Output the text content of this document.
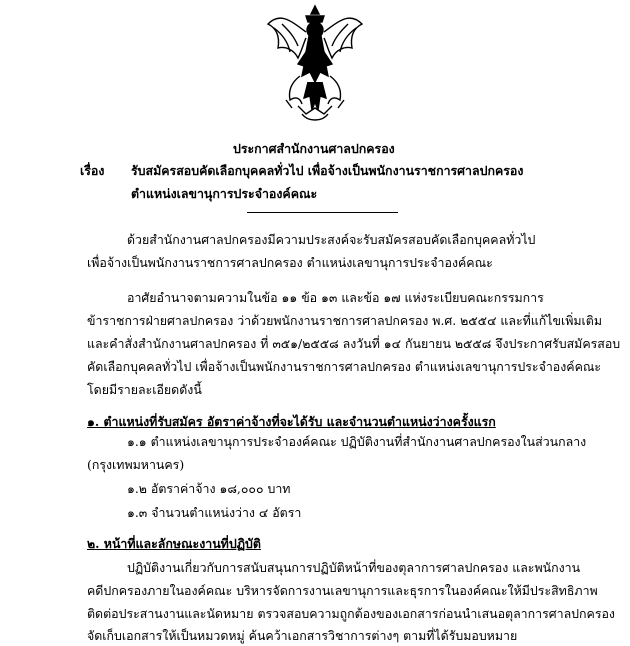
ประกาศสำนักงานศาลปกครอง
เรื่อง รับสมัครสอบคัดเลือกบุคคลทั่วไป เพื่อจ้างเป็นพนักงานราชการศาลปกครอง
ตำแหน่งเลขานุการประจำองค์คณะ
ด้วยสำนักงานศาลปกครองมีความประสงค์จะรับสมัครสอบคัดเลือกบุคคลทั่วไป
เพื่อจ้างเป็นพนักงานราชการศาลปกครอง ตำแหน่งเลขานุการประจำองค์คณะ
อาศัยอำนาจตามความในข้อ ๑๑ ข้อ ๑๓ และข้อ ๑๗ แห่งระเบียบคณะกรรมการ
ข้าราชการฝ่ายศาลปกครอง ว่าด้วยพนักงานราชการศาลปกครอง พ.ศ. ๒๕๕๔ และที่แก้ไขเพิ่มเติม
และคำสั่งสำนักงานศาลปกครอง ที่ ๓๕๑/๒๕๕๘ ลงวันที่ ๑๔ กันยายน ๒๕๕๘ จึงประกาศรับสมัครสอบ
คัดเลือกบุคคลทั่วไป เพื่อจ้างเป็นพนักงานราชการศาลปกครอง ตำแหน่งเลขานุการประจำองค์คณะ
โดยมีรายละเอียดดังนี้
๑. ตำแหน่งที่รับสมัคร อัตราค่าจ้างที่จะได้รับ และจำนวนตำแหน่งว่างครั้งแรก
๑.๑ ตำแหน่งเลขานุการประจำองค์คณะ ปฏิบัติงานที่สำนักงานศาลปกครองในส่วนกลาง
(กรุงเทพมหานคร)
๑.๒ อัตราค่าจ้าง ๑๘,๐๐๐ บาท
๑.๓ จำนวนตำแหน่งว่าง ๔ อัตรา
๒. หน้าที่และลักษณะงานที่ปฏิบัติ
ปฏิบัติงานเกี่ยวกับการสนับสนุนการปฏิบัติหน้าที่ของตุลาการศาลปกครอง และพนักงาน
คดีปกครองภายในองค์คณะ บริหารจัดการงานเลขานุการและธุรการในองค์คณะให้มีประสิทธิภาพ
ติดต่อประสานงานและนัดหมาย ตรวจสอบความถูกต้องของเอกสารก่อนนำเสนอตุลาการศาลปกครอง
จัดเก็บเอกสารให้เป็นหมวดหมู่ ค้นคว้าเอกสารวิชาการต่างๆ ตามที่ได้รับมอบหมาย
